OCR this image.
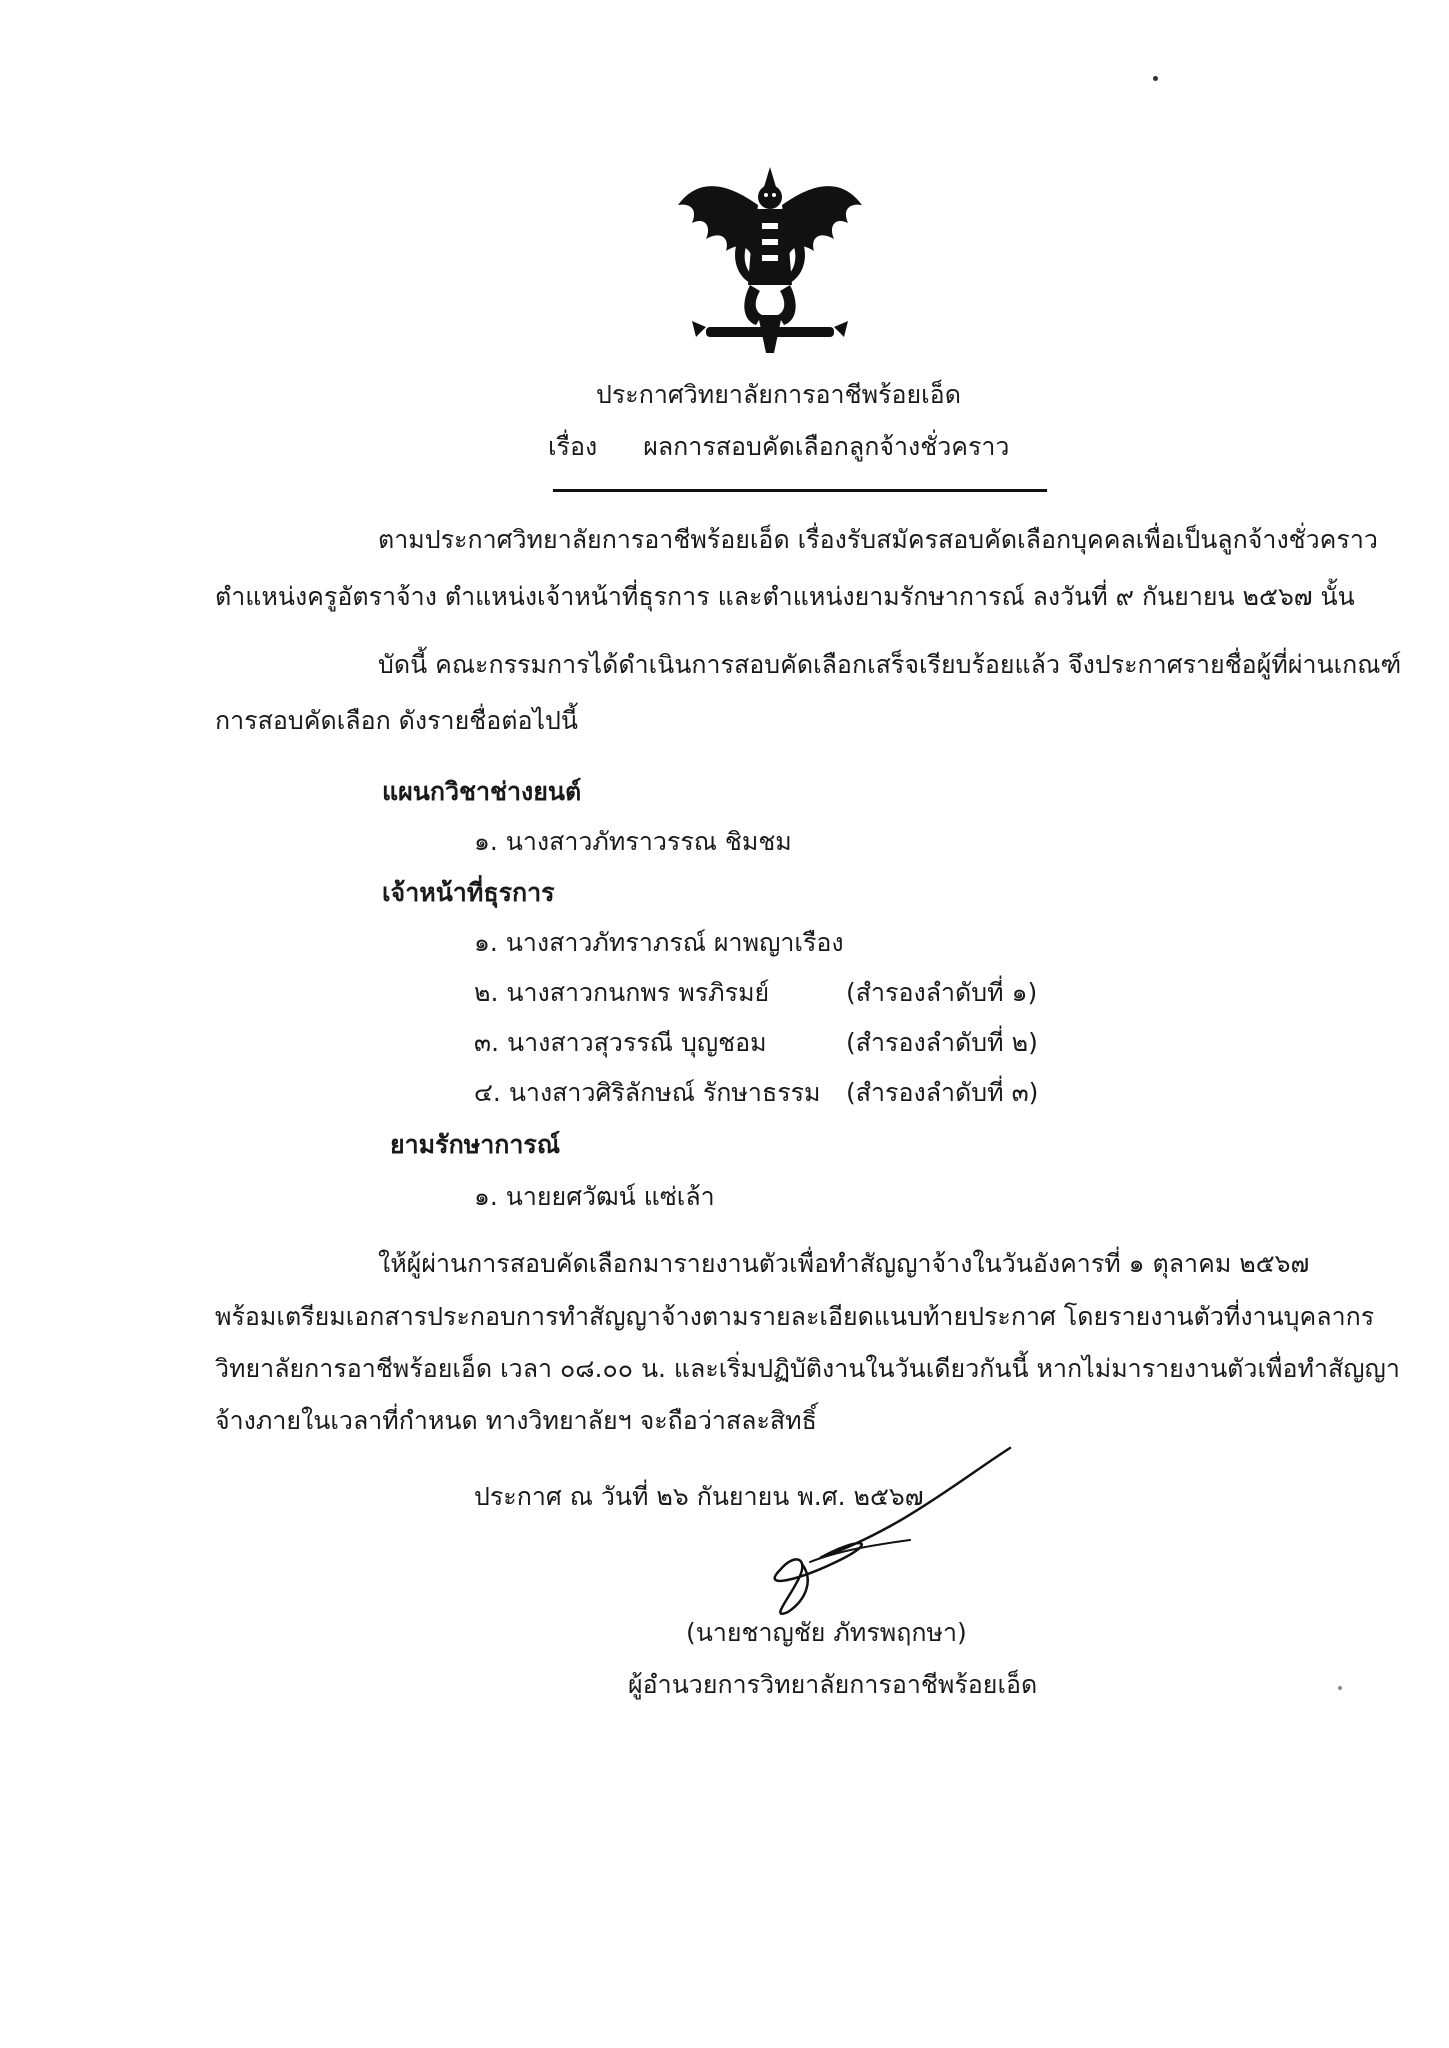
ประกาศวิทยาลัยการอาชีพร้อยเอ็ด
เรื่อง ผลการสอบคัดเลือกลูกจ้างชั่วคราว
ตามประกาศวิทยาลัยการอาชีพร้อยเอ็ด เรื่องรับสมัครสอบคัดเลือกบุคคลเพื่อเป็นลูกจ้างชั่วคราว
ตำแหน่งครูอัตราจ้าง ตำแหน่งเจ้าหน้าที่ธุรการ และตำแหน่งยามรักษาการณ์ ลงวันที่ ๙ กันยายน ๒๕๖๗ นั้น
บัดนี้ คณะกรรมการได้ดำเนินการสอบคัดเลือกเสร็จเรียบร้อยแล้ว จึงประกาศรายชื่อผู้ที่ผ่านเกณฑ์
การสอบคัดเลือก ดังรายชื่อต่อไปนี้
แผนกวิชาช่างยนต์
๑. นางสาวภัทราวรรณ ชิมชม
เจ้าหน้าที่ธุรการ
๑. นางสาวภัทราภรณ์ ผาพญาเรือง
๒. นางสาวกนกพร พรภิรมย์	(สำรองลำดับที่ ๑)
๓. นางสาวสุวรรณี บุญชอม	(สำรองลำดับที่ ๒)
๔. นางสาวศิริลักษณ์ รักษาธรรม (สำรองลำดับที่ ๓)
ยามรักษาการณ์
๑. นายยศวัฒน์ แซ่เล้า
ให้ผู้ผ่านการสอบคัดเลือกมารายงานตัวเพื่อทำสัญญาจ้างในวันอังคารที่ ๑ ตุลาคม ๒๕๖๗
พร้อมเตรียมเอกสารประกอบการทำสัญญาจ้างตามรายละเอียดแนบท้ายประกาศ โดยรายงานตัวที่งานบุคลากร
วิทยาลัยการอาชีพร้อยเอ็ด เวลา ๐๘.๐๐ น. และเริ่มปฏิบัติงานในวันเดียวกันนี้ หากไม่มารายงานตัวเพื่อทำสัญญา
จ้างภายในเวลาที่กำหนด ทางวิทยาลัยฯ จะถือว่าสละสิทธิ์
ประกาศ ณ วันที่ ๒๖ กันยายน พ.ศ. ๒๕๖๗
(นายชาญชัย ภัทรพฤกษา)
ผู้อำนวยการวิทยาลัยการอาชีพร้อยเอ็ด
